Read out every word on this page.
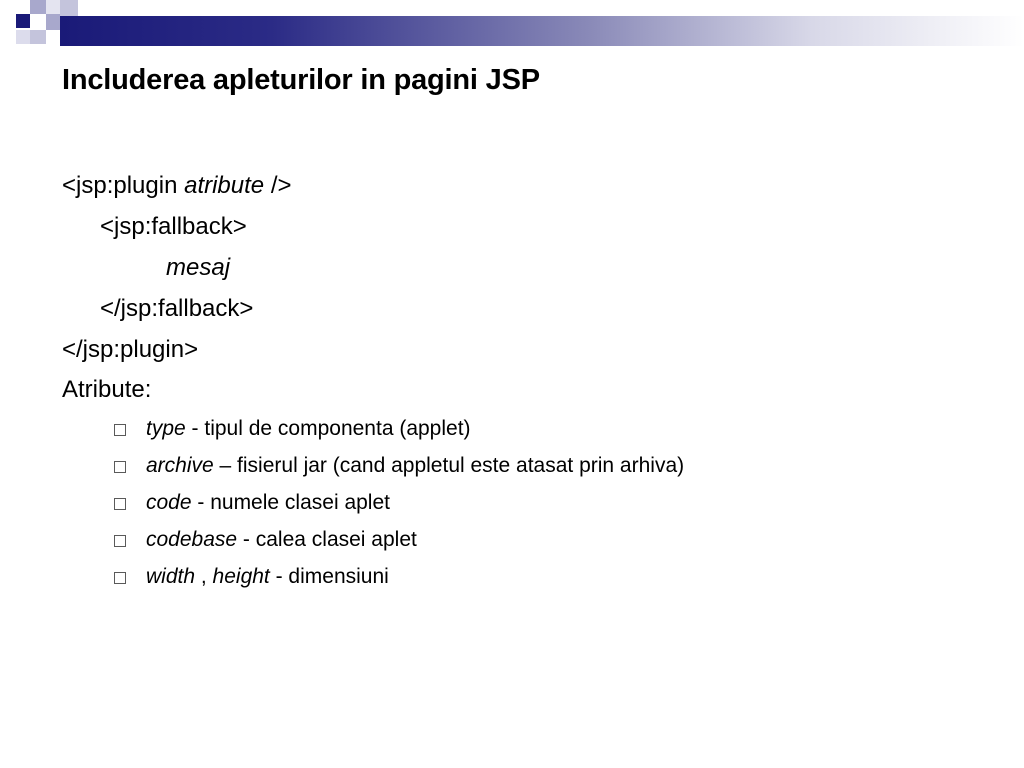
Includerea apleturilor in pagini JSP
<jsp:plugin atribute />
<jsp:fallback>
mesaj
</jsp:fallback>
</jsp:plugin>
Atribute:
type - tipul de componenta (applet)
archive – fisierul jar (cand appletul este atasat prin arhiva)
code - numele clasei aplet
codebase - calea clasei aplet
width , height - dimensiuni
